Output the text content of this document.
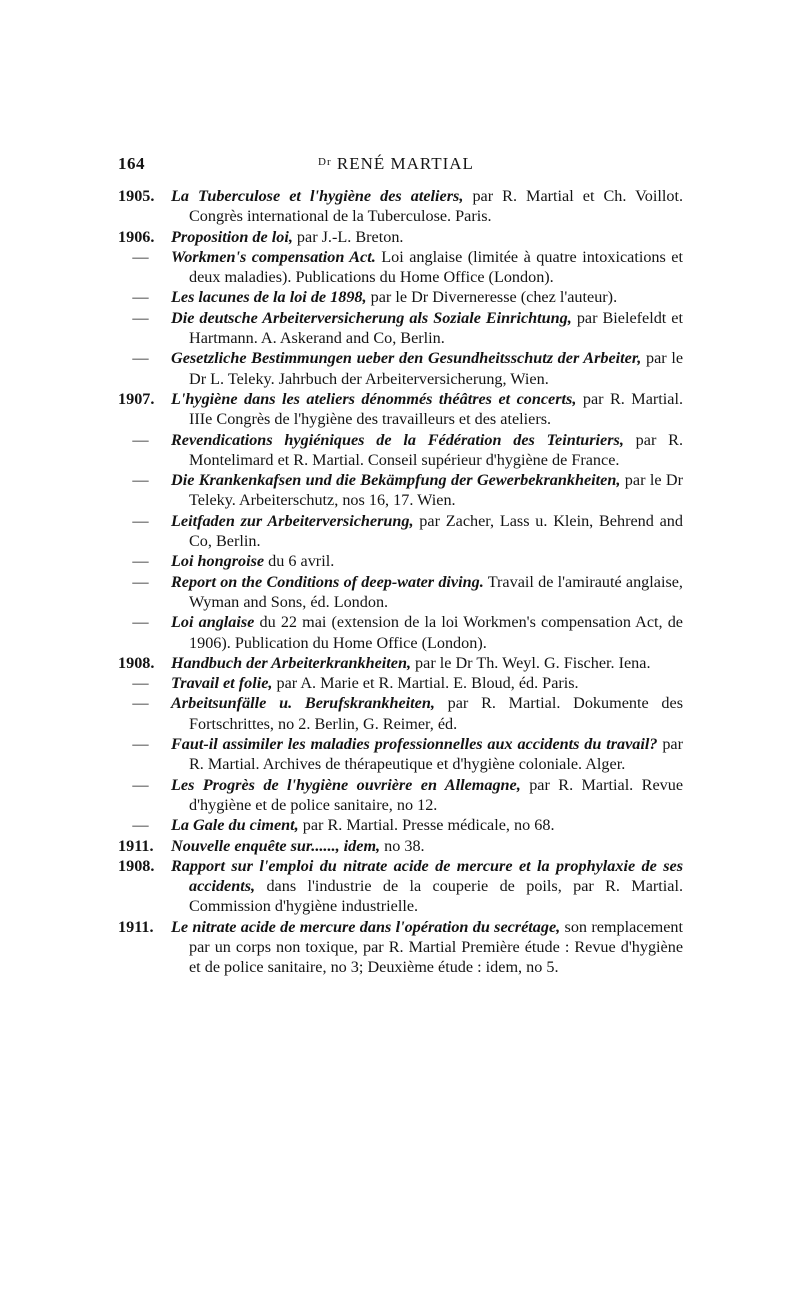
164	$^{Dr}$ RENÉ MARTIAL
1905.	La Tuberculose et l'hygiène des ateliers, par R. Martial et Ch. Voillot. Congrès international de la Tuberculose. Paris.
1906.	Proposition de loi, par J.-L. Breton.
—	Workmen's compensation Act. Loi anglaise (limitée à quatre intoxications et deux maladies). Publications du Home Office (London).
—	Les lacunes de la loi de 1898, par le Dr Diverneresse (chez l'auteur).
—	Die deutsche Arbeiterversicherung als Soziale Einrichtung, par Bielefeldt et Hartmann. A. Askerand and Co, Berlin.
—	Gesetzliche Bestimmungen ueber den Gesundheitsschutz der Arbeiter, par le Dr L. Teleky. Jahrbuch der Arbeiterversicherung, Wien.
1907.	L'hygiène dans les ateliers dénommés théâtres et concerts, par R. Martial. IIIe Congrès de l'hygiène des travailleurs et des ateliers.
—	Revendications hygiéniques de la Fédération des Teinturiers, par R. Montelimard et R. Martial. Conseil supérieur d'hygiène de France.
—	Die Krankenkafsen und die Bekämpfung der Gewerbekrankheiten, par le Dr Teleky. Arbeiterschutz, nos 16, 17. Wien.
—	Leitfaden zur Arbeiterversicherung, par Zacher, Lass u. Klein, Behrend and Co, Berlin.
—	Loi hongroise du 6 avril.
—	Report on the Conditions of deep-water diving. Travail de l'amirauté anglaise, Wyman and Sons, éd. London.
—	Loi anglaise du 22 mai (extension de la loi Workmen's compensation Act, de 1906). Publication du Home Office (London).
1908.	Handbuch der Arbeiterkrankheiten, par le Dr Th. Weyl. G. Fischer. Iena.
—	Travail et folie, par A. Marie et R. Martial. E. Bloud, éd. Paris.
—	Arbeitsunfälle u. Berufskrankheiten, par R. Martial. Dokumente des Fortschrittes, no 2. Berlin, G. Reimer, éd.
—	Faut-il assimiler les maladies professionnelles aux accidents du travail? par R. Martial. Archives de thérapeutique et d'hygiène coloniale. Alger.
—	Les Progrès de l'hygiène ouvrière en Allemagne, par R. Martial. Revue d'hygiène et de police sanitaire, no 12.
—	La Gale du ciment, par R. Martial. Presse médicale, no 68.
1911.	Nouvelle enquête sur......, idem, no 38.
1908.	Rapport sur l'emploi du nitrate acide de mercure et la prophylaxie de ses accidents, dans l'industrie de la couperie de poils, par R. Martial. Commission d'hygiène industrielle.
1911.	Le nitrate acide de mercure dans l'opération du secrétage, son remplacement par un corps non toxique, par R. Martial Première étude : Revue d'hygiène et de police sanitaire, no 3; Deuxième étude : idem, no 5.
